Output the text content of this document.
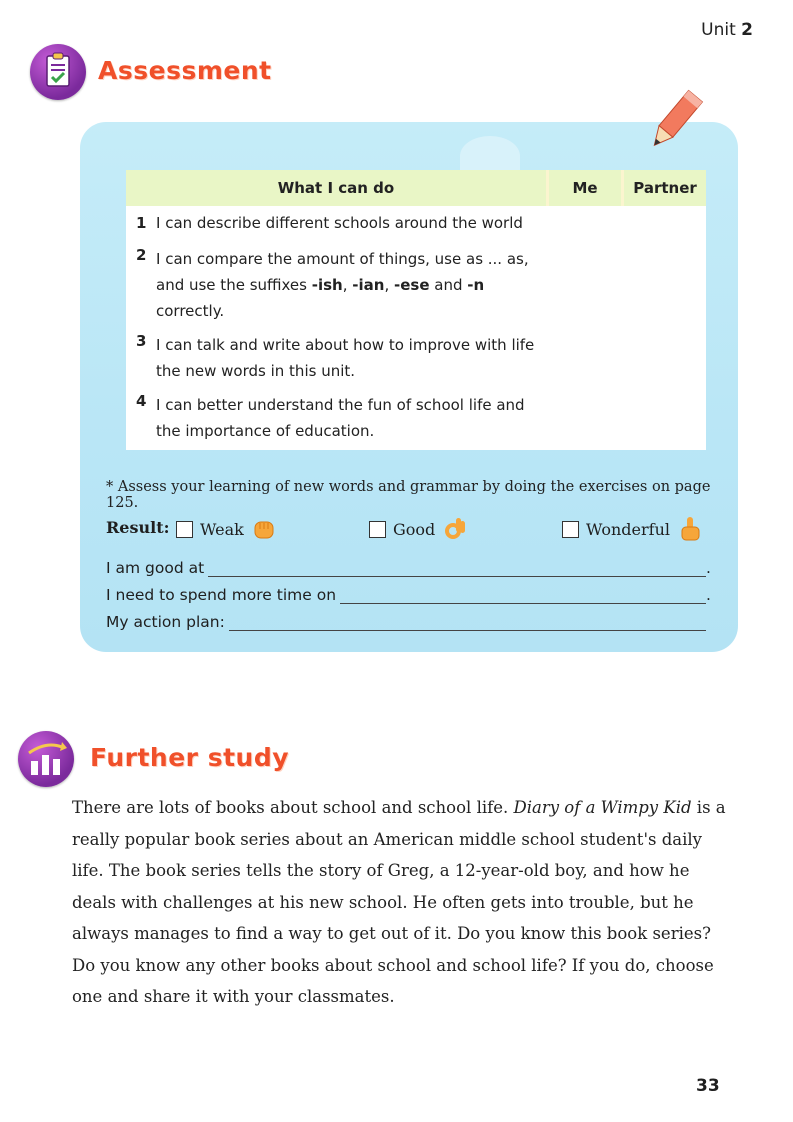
Unit 2
Assessment
What I can do	Me	Partner
1 I can describe different schools around the world		
2 I can compare the amount of things, use as ... as, and use the suffixes -ish, -ian, -ese and -n correctly.		
3 I can talk and write about how to improve with life the new words in this unit.		
4 I can better understand the fun of school life and the importance of education.		
* Assess your learning of new words and grammar by doing the exercises on page 125.
Result: Weak	Good	Wonderful
I am good at	.
I need to spend more time on	.
My action plan:
Further study
There are lots of books about school and school life. Diary of a Wimpy Kid is a really popular book series about an American middle school student's daily life. The book series tells the story of Greg, a 12-year-old boy, and how he deals with challenges at his new school. He often gets into trouble, but he always manages to find a way to get out of it. Do you know this book series? Do you know any other books about school and school life? If you do, choose one and share it with your classmates.
33
